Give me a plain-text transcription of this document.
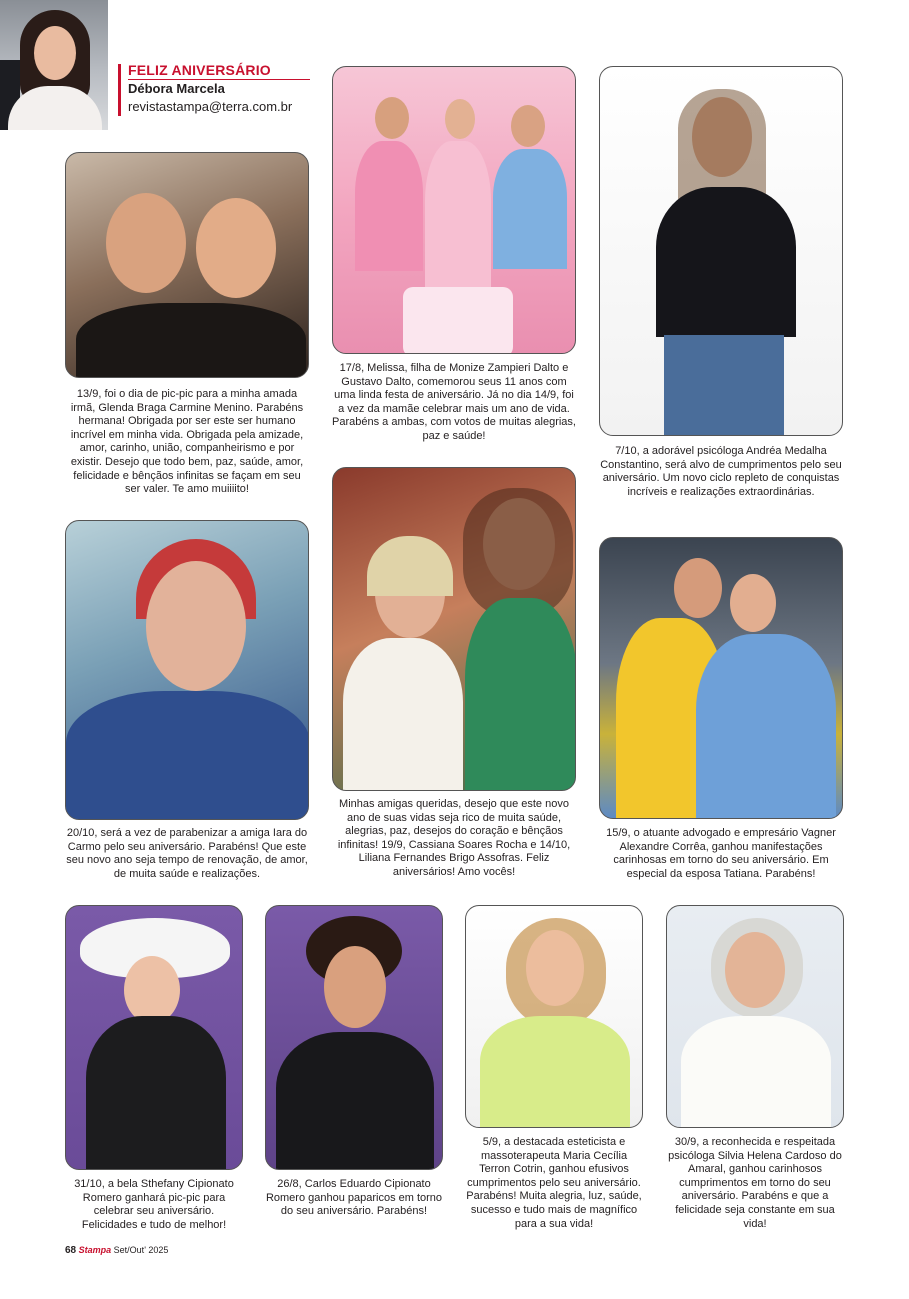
FELIZ ANIVERSÁRIO
Débora Marcela
revistastampa@terra.com.br
13/9, foi o dia de pic-pic para a minha amada irmã, Glenda Braga Carmine Menino. Parabéns hermana! Obrigada por ser este ser humano incrível em minha vida. Obrigada pela amizade, amor, carinho, união, companheirismo e por existir. Desejo que todo bem, paz, saúde, amor, felicidade e bênçãos infinitas se façam em seu ser valer. Te amo muiiiito!
17/8, Melissa, filha de Monize Zampieri Dalto e Gustavo Dalto, comemorou seus 11 anos com uma linda festa de aniversário. Já no dia 14/9, foi a vez da mamãe celebrar mais um ano de vida. Parabéns a ambas, com votos de muitas alegrias, paz e saúde!
7/10, a adorável psicóloga Andréa Medalha Constantino, será alvo de cumprimentos pelo seu aniversário. Um novo ciclo repleto de conquistas incríveis e realizações extraordinárias.
20/10, será a vez de parabenizar a amiga Iara do Carmo pelo seu aniversário. Parabéns! Que este seu novo ano seja tempo de renovação, de amor, de muita saúde e realizações.
Minhas amigas queridas, desejo que este novo ano de suas vidas seja rico de muita saúde, alegrias, paz, desejos do coração e bênçãos infinitas! 19/9, Cassiana Soares Rocha e 14/10, Liliana Fernandes Brigo Assofras. Feliz aniversários! Amo vocês!
15/9, o atuante advogado e empresário Vagner Alexandre Corrêa, ganhou manifestações carinhosas em torno do seu aniversário. Em especial da esposa Tatiana. Parabéns!
31/10, a bela Sthefany Cipionato Romero ganhará pic-pic para celebrar seu aniversário. Felicidades e tudo de melhor!
26/8, Carlos Eduardo Cipionato Romero ganhou paparicos em torno do seu aniversário. Parabéns!
5/9, a destacada esteticista e massoterapeuta Maria Cecília Terron Cotrin, ganhou efusivos cumprimentos pelo seu aniversário. Parabéns! Muita alegria, luz, saúde, sucesso e tudo mais de magnífico para a sua vida!
30/9, a reconhecida e respeitada psicóloga Silvia Helena Cardoso do Amaral, ganhou carinhosos cumprimentos em torno do seu aniversário. Parabéns e que a felicidade seja constante em sua vida!
68 Stampa Set/Out' 2025
